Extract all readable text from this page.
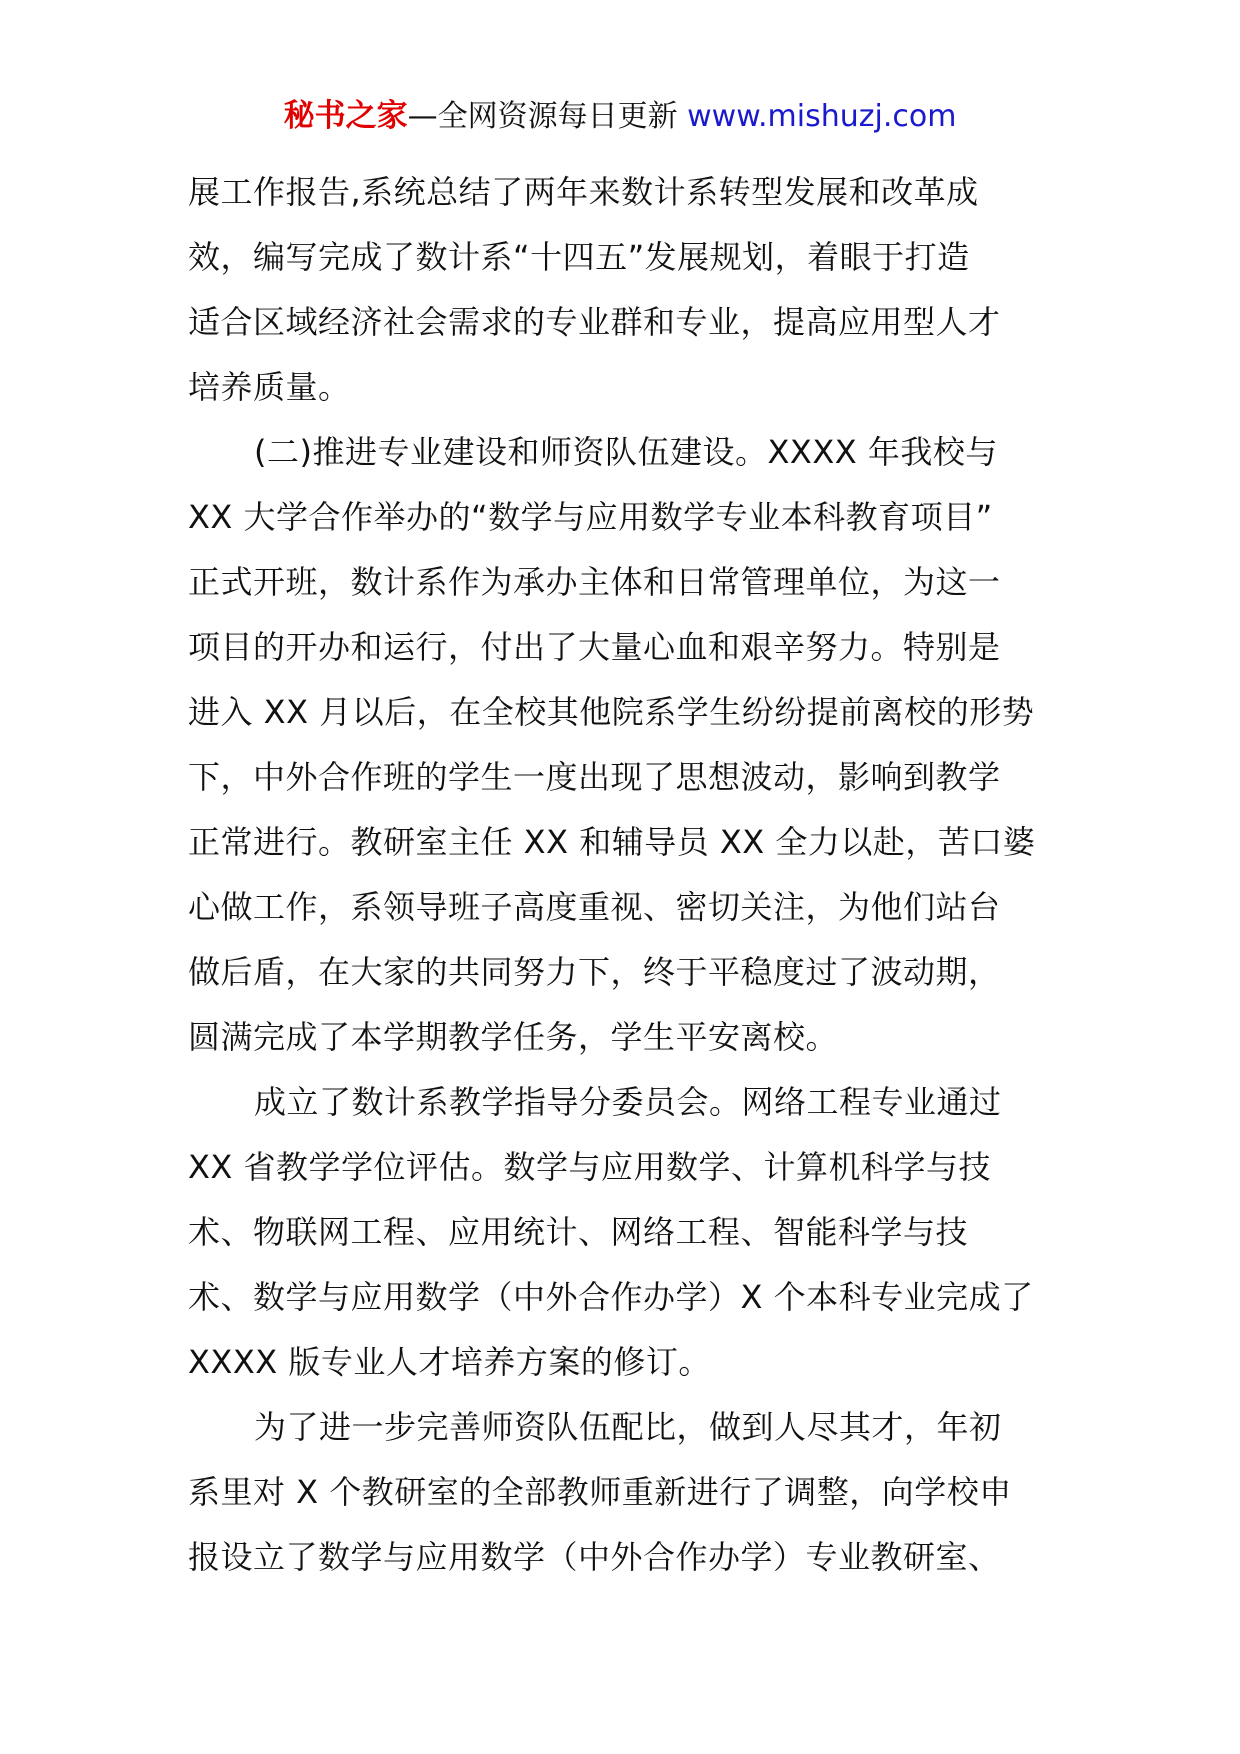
秘书之家—全网资源每日更新 www.mishuzj.com
展工作报告,系统总结了两年来数计系转型发展和改革成
效，编写完成了数计系“十四五”发展规划，着眼于打造
适合区域经济社会需求的专业群和专业，提高应用型人才
培养质量。
(二)推进专业建设和师资队伍建设。XXXX 年我校与
XX 大学合作举办的“数学与应用数学专业本科教育项目”
正式开班，数计系作为承办主体和日常管理单位，为这一
项目的开办和运行，付出了大量心血和艰辛努力。特别是
进入 XX 月以后，在全校其他院系学生纷纷提前离校的形势
下，中外合作班的学生一度出现了思想波动，影响到教学
正常进行。教研室主任 XX 和辅导员 XX 全力以赴，苦口婆
心做工作，系领导班子高度重视、密切关注，为他们站台
做后盾，在大家的共同努力下，终于平稳度过了波动期，
圆满完成了本学期教学任务，学生平安离校。
成立了数计系教学指导分委员会。网络工程专业通过
XX 省教学学位评估。数学与应用数学、计算机科学与技
术、物联网工程、应用统计、网络工程、智能科学与技
术、数学与应用数学（中外合作办学）X 个本科专业完成了
XXXX 版专业人才培养方案的修订。
为了进一步完善师资队伍配比，做到人尽其才，年初
系里对 X 个教研室的全部教师重新进行了调整，向学校申
报设立了数学与应用数学（中外合作办学）专业教研室、
